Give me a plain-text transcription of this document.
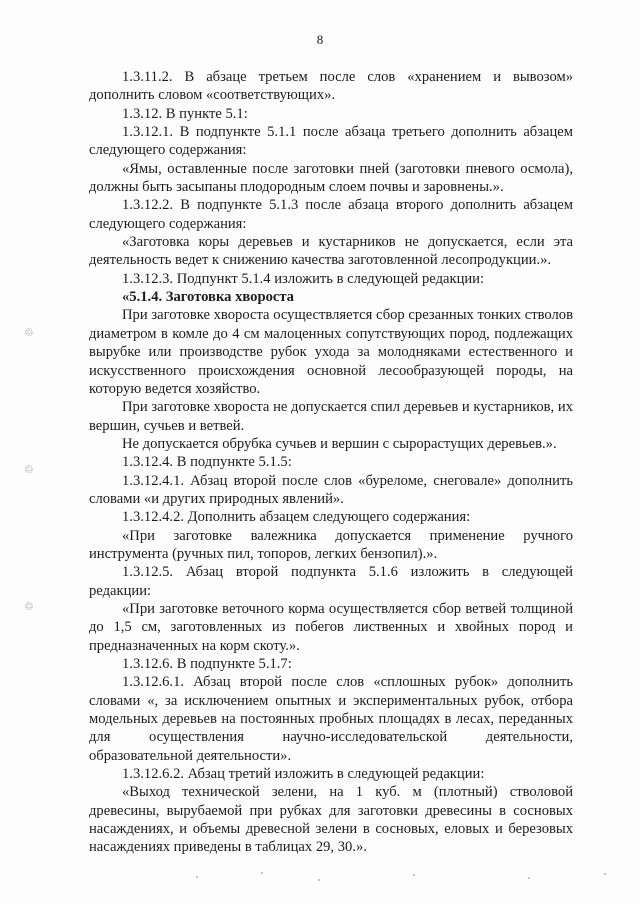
8
♲
♲
♲

1.3.11.2. В абзаце третьем после слов «хранением и вывозом» дополнить словом «соответствующих».

1.3.12. В пункте 5.1:

1.3.12.1. В подпункте 5.1.1 после абзаца третьего дополнить абзацем следующего содержания:

«Ямы, оставленные после заготовки пней (заготовки пневого осмола), должны быть засыпаны плодородным слоем почвы и заровнены.».

1.3.12.2. В подпункте 5.1.3 после абзаца второго дополнить абзацем следующего содержания:

«Заготовка коры деревьев и кустарников не допускается, если эта деятельность ведет к снижению качества заготовленной лесопродукции.».

1.3.12.3. Подпункт 5.1.4 изложить в следующей редакции:

«5.1.4. Заготовка хвороста

При заготовке хвороста осуществляется сбор срезанных тонких стволов диаметром в комле до 4 см малоценных сопутствующих пород, подлежащих вырубке или производстве рубок ухода за молодняками естественного и искусственного происхождения основной лесообразующей породы, на которую ведется хозяйство.

При заготовке хвороста не допускается спил деревьев и кустарников, их вершин, сучьев и ветвей.

Не допускается обрубка сучьев и вершин с сырорастущих деревьев.».

1.3.12.4. В подпункте 5.1.5:

1.3.12.4.1. Абзац второй после слов «буреломе, снеговале» дополнить словами «и других природных явлений».

1.3.12.4.2. Дополнить абзацем следующего содержания:

«При заготовке валежника допускается применение ручного инструмента (ручных пил, топоров, легких бензопил).».

1.3.12.5. Абзац второй подпункта 5.1.6 изложить в следующей редакции:

«При заготовке веточного корма осуществляется сбор ветвей толщиной до 1,5 см, заготовленных из побегов лиственных и хвойных пород и предназначенных на корм скоту.».

1.3.12.6. В подпункте 5.1.7:

1.3.12.6.1. Абзац второй после слов «сплошных рубок» дополнить словами «, за исключением опытных и экспериментальных рубок, отбора модельных деревьев на постоянных пробных площадях в лесах, переданных для осуществления научно-исследовательской деятельности, образовательной деятельности».

1.3.12.6.2. Абзац третий изложить в следующей редакции:

«Выход технической зелени, на 1 куб. м (плотный) стволовой древесины, вырубаемой при рубках для заготовки древесины в сосновых насаждениях, и объемы древесной зелени в сосновых, еловых и березовых насаждениях приведены в таблицах 29, 30.».
